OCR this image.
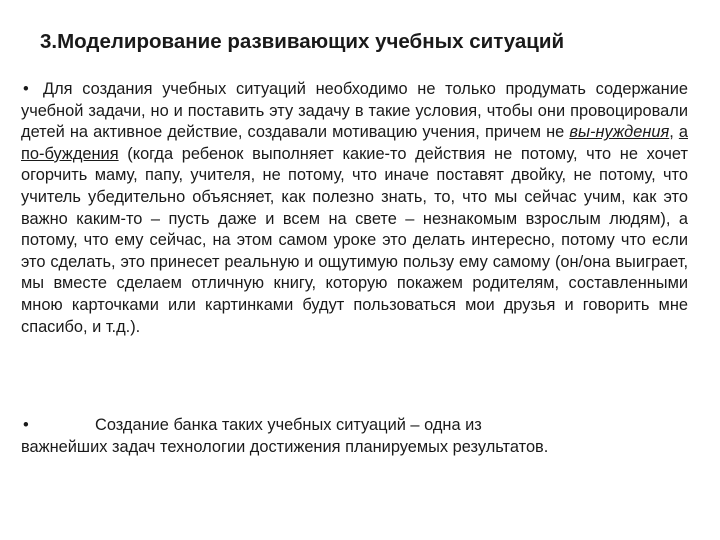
3.Моделирование развивающих учебных ситуаций
• Для создания учебных ситуаций необходимо не только продумать содержание учебной задачи, но и поставить эту задачу в такие условия, чтобы они провоцировали детей на активное действие, создавали мотивацию учения, причем не вы-нуждения, а по-буждения (когда ребенок выполняет какие-то действия не потому, что не хочет огорчить маму, папу, учителя, не потому, что иначе поставят двойку, не потому, что учитель убедительно объясняет, как полезно знать, то, что мы сейчас учим, как это важно каким-то – пусть даже и всем на свете – незнакомым взрослым людям), а потому, что ему сейчас, на этом самом уроке это делать интересно, потому что если это сделать, это принесет реальную и ощутимую пользу ему самому (он/она выиграет, мы вместе сделаем отличную книгу, которую покажем родителям, составленными мною карточками или картинками будут пользоваться мои друзья и говорить мне спасибо, и т.д.).
•	Создание банка таких учебных ситуаций – одна из
важнейших задач технологии достижения планируемых результатов.
